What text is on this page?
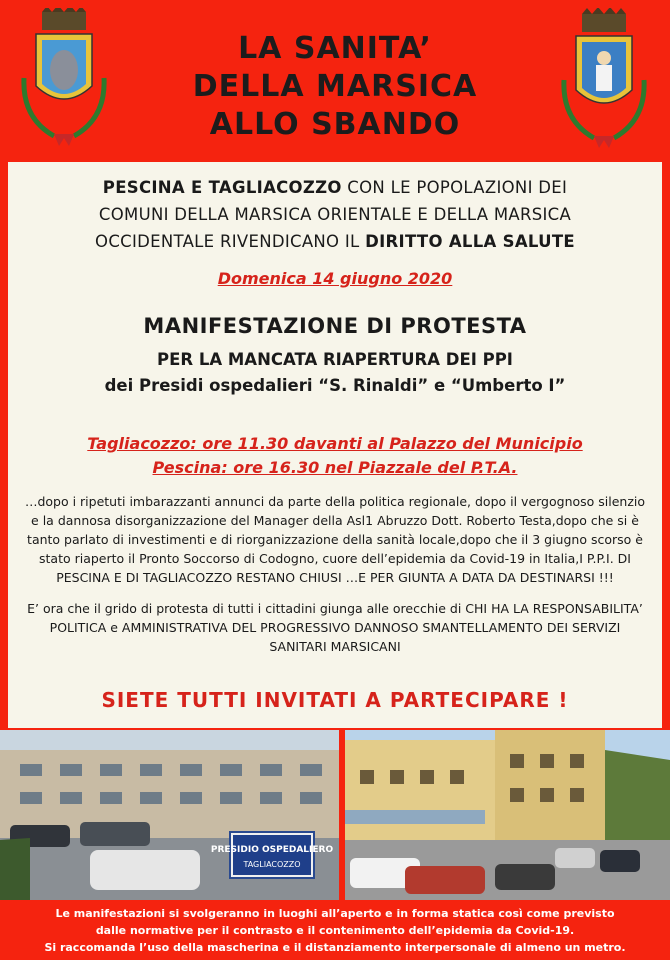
LA SANITA’
DELLA MARSICA
ALLO SBANDO
PESCINA E TAGLIACOZZO CON LE POPOLAZIONI DEI
COMUNI DELLA MARSICA ORIENTALE E DELLA MARSICA
OCCIDENTALE RIVENDICANO IL DIRITTO ALLA SALUTE
Domenica 14 giugno 2020
MANIFESTAZIONE DI PROTESTA
PER LA MANCATA RIAPERTURA DEI PPI
dei Presidi ospedalieri “S. Rinaldi” e “Umberto I”
Tagliacozzo: ore 11.30 davanti al Palazzo del Municipio
Pescina: ore 16.30 nel Piazzale del P.T.A.

…dopo i ripetuti imbarazzanti annunci da parte della politica regionale, dopo il vergognoso silenzio e la dannosa disorganizzazione del Manager della Asl1 Abruzzo Dott. Roberto Testa,dopo che si è tanto parlato di investimenti e di riorganizzazione della sanità locale,dopo che il 3 giugno scorso è stato riaperto il Pronto Soccorso di Codogno, cuore dell’epidemia da Covid-19 in Italia,I P.P.I. DI PESCINA E DI TAGLIACOZZO RESTANO CHIUSI …E PER GIUNTA A DATA DA DESTINARSI !!!

E’ ora che il grido di protesta di tutti i cittadini giunga alle orecchie di CHI HA LA RESPONSABILITA’ POLITICA e AMMINISTRATIVA DEL PROGRESSIVO DANNOSO SMANTELLAMENTO DEI SERVIZI SANITARI MARSICANI

SIETE TUTTI INVITATI A PARTECIPARE !
PRESIDIO OSPEDALIERO
TAGLIACOZZO
Le manifestazioni si svolgeranno in luoghi all’aperto e in forma statica così come previsto
dalle normative per il contrasto e il contenimento dell’epidemia da Covid-19.
Si raccomanda l’uso della mascherina e il distanziamento interpersonale di almeno un metro.
